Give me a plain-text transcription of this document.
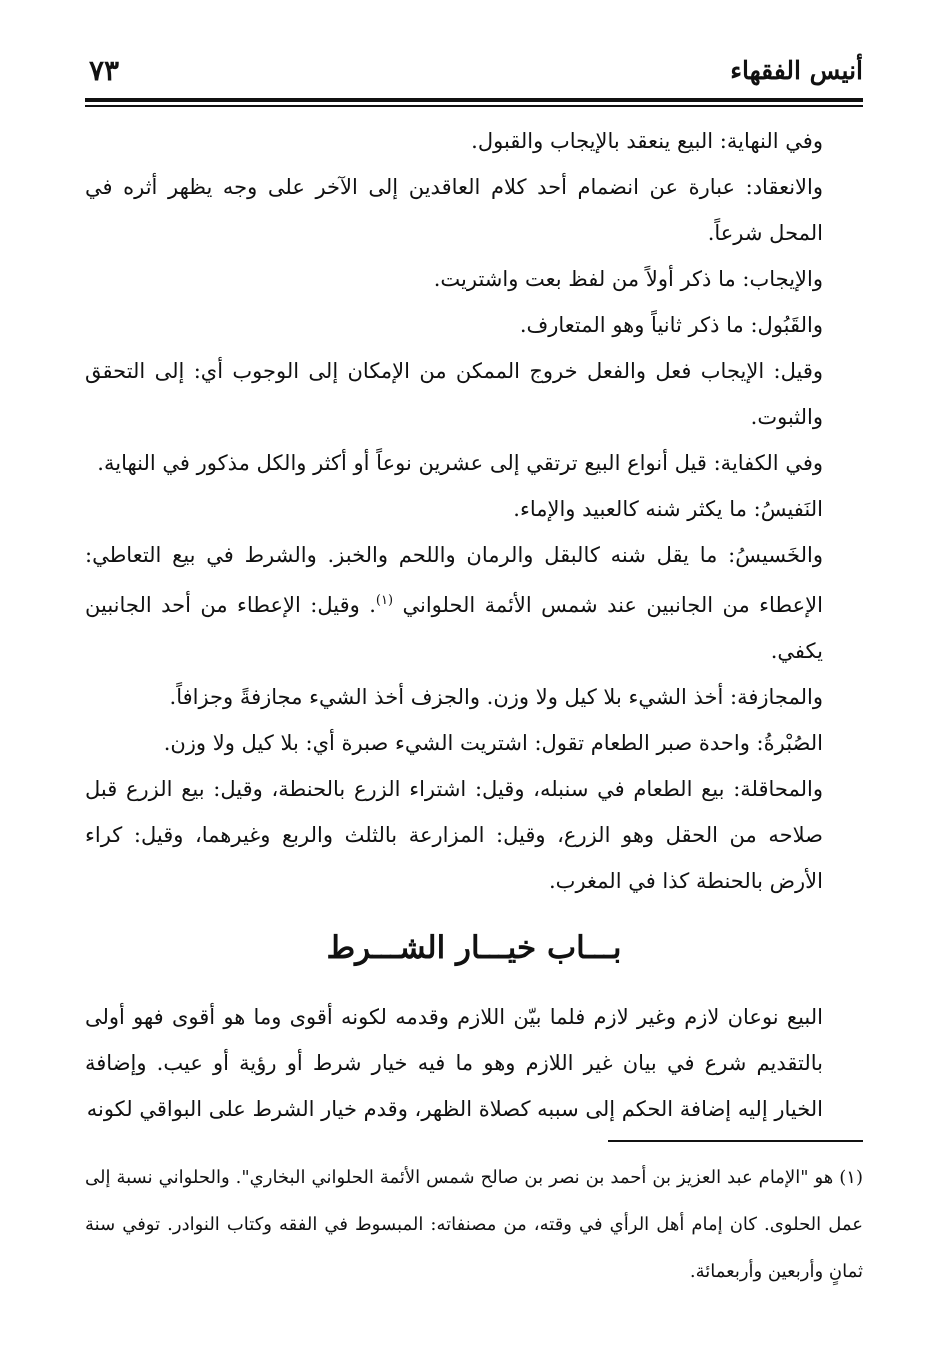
أنيس الفقهاء
٧٣

وفي النهاية: البيع ينعقد بالإيجاب والقبول.

والانعقاد: عبارة عن انضمام أحد كلام العاقدين إلى الآخر على وجه يظهر أثره في المحل شرعاً.

والإيجاب: ما ذكر أولاً من لفظ بعت واشتريت.

والقَبُول: ما ذكر ثانياً وهو المتعارف.

وقيل: الإيجاب فعل والفعل خروج الممكن من الإمكان إلى الوجوب أي: إلى التحقق والثبوت.

وفي الكفاية: قيل أنواع البيع ترتقي إلى عشرين نوعاً أو أكثر والكل مذكور في النهاية.

النَفيسُ: ما يكثر شنه كالعبيد والإماء.

والخَسيسُ: ما يقل شنه كالبقل والرمان واللحم والخبز. والشرط في بيع التعاطي: الإعطاء من الجانبين عند شمس الأئمة الحلواني $^{(١)}$. وقيل: الإعطاء من أحد الجانبين يكفي.

والمجازفة: أخذ الشيء بلا كيل ولا وزن. والجزف أخذ الشيء مجازفةً وجزافاً.

الصُبْرةُ: واحدة صبر الطعام تقول: اشتريت الشيء صبرة أي: بلا كيل ولا وزن.

والمحاقلة: بيع الطعام في سنبله، وقيل: اشتراء الزرع بالحنطة، وقيل: بيع الزرع قبل صلاحه من الحقل وهو الزرع، وقيل: المزارعة بالثلث والربع وغيرهما، وقيل: كراء الأرض بالحنطة كذا في المغرب.

بـــاب خيـــار الشـــرط

البيع نوعان لازم وغير لازم فلما بيّن اللازم وقدمه لكونه أقوى وما هو أقوى فهو أولى بالتقديم شرع في بيان غير اللازم وهو ما فيه خيار شرط أو رؤية أو عيب. وإضافة الخيار إليه إضافة الحكم إلى سببه كصلاة الظهر، وقدم خيار الشرط على البواقي لكونه

(١) هو "الإمام عبد العزيز بن أحمد بن نصر بن صالح شمس الأئمة الحلواني البخاري". والحلواني نسبة إلى عمل الحلوى. كان إمام أهل الرأي في وقته، من مصنفاته: المبسوط في الفقه وكتاب النوادر. توفي سنة ثمانٍ وأربعين وأربعمائة.
